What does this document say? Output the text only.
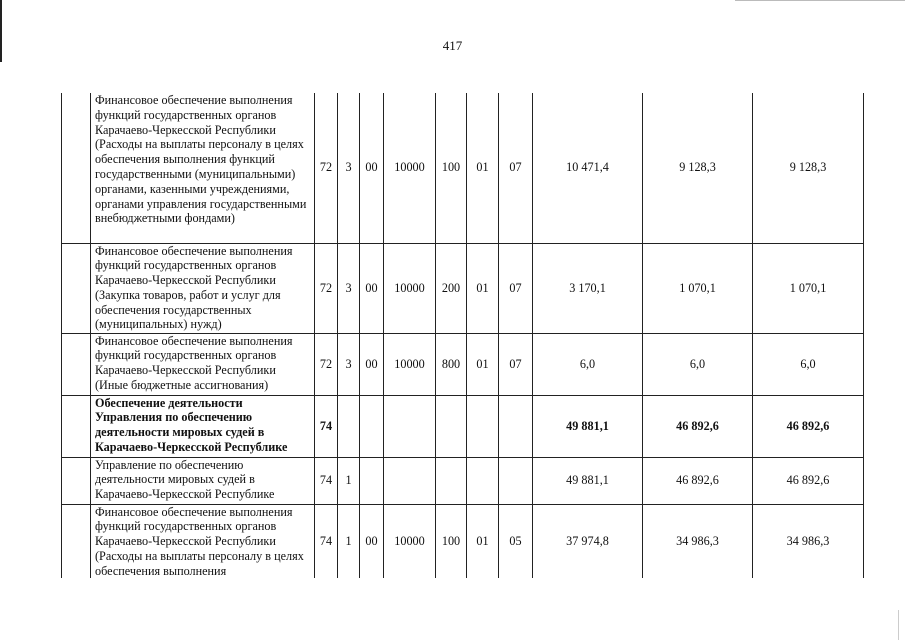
417
	Финансовое обеспечение выполнения функций государственных органов Карачаево-Черкесской Республики (Расходы на выплаты персоналу в целях обеспечения выполнения функций государственными (муниципальными) органами, казенными учреждениями, органами управления государственными внебюджетными фондами)	72	3	00	10000	100	01	07	10 471,4	9 128,3	9 128,3
	Финансовое обеспечение выполнения функций государственных органов Карачаево-Черкесской Республики (Закупка товаров, работ и услуг для обеспечения государственных (муниципальных) нужд)	72	3	00	10000	200	01	07	3 170,1	1 070,1	1 070,1
	Финансовое обеспечение выполнения функций государственных органов Карачаево-Черкесской Республики (Иные бюджетные ассигнования)	72	3	00	10000	800	01	07	6,0	6,0	6,0
	Обеспечение деятельности Управления по обеспечению деятельности мировых судей в Карачаево-Черкесской Республике	74							49 881,1	46 892,6	46 892,6
	Управление по обеспечению деятельности мировых судей в Карачаево-Черкесской Республике	74	1						49 881,1	46 892,6	46 892,6
	Финансовое обеспечение выполнения функций государственных органов Карачаево-Черкесской Республики (Расходы на выплаты персоналу в целях обеспечения выполнения	74	1	00	10000	100	01	05	37 974,8	34 986,3	34 986,3
